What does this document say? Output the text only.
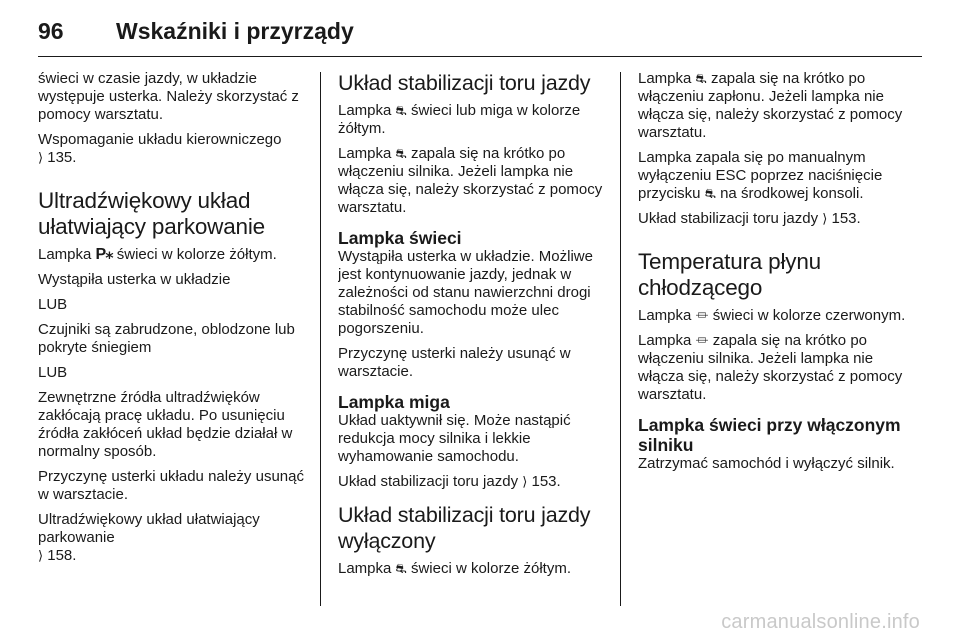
96 Wskaźniki i przyrządy

świeci w czasie jazdy, w układzie występuje usterka. Należy skorzystać z pomocy warsztatu.

Wspomaganie układu kierowniczego
⟩ 135.

Ultradźwiękowy układ ułatwiający parkowanie

Lampka P⁎ świeci w kolorze żółtym.

Wystąpiła usterka w układzie

LUB

Czujniki są zabrudzone, oblodzone lub pokryte śniegiem

LUB

Zewnętrzne źródła ultradźwięków zakłócają pracę układu. Po usunięciu źródła zakłóceń układ będzie działał w normalny sposób.

Przyczynę usterki układu należy usunąć w warsztacie.

Ultradźwiękowy układ ułatwiający parkowanie
⟩ 158.

Układ stabilizacji toru jazdy

Lampka ⛐ świeci lub miga w kolorze żółtym.

Lampka ⛐ zapala się na krótko po włączeniu silnika. Jeżeli lampka nie włącza się, należy skorzystać z pomocy warsztatu.

Lampka świeci

Wystąpiła usterka w układzie. Możliwe jest kontynuowanie jazdy, jednak w zależności od stanu nawierzchni drogi stabilność samochodu może ulec pogorszeniu.

Przyczynę usterki należy usunąć w warsztacie.

Lampka miga

Układ uaktywnił się. Może nastąpić redukcja mocy silnika i lekkie wyhamowanie samochodu.

Układ stabilizacji toru jazdy ⟩ 153.

Układ stabilizacji toru jazdy wyłączony

Lampka ⛐ świeci w kolorze żółtym.

Lampka ⛐ zapala się na krótko po włączeniu zapłonu. Jeżeli lampka nie włącza się, należy skorzystać z pomocy warsztatu.

Lampka zapala się po manualnym wyłączeniu ESC poprzez naciśnięcie przycisku ⛐ na środkowej konsoli.

Układ stabilizacji toru jazdy ⟩ 153.

Temperatura płynu chłodzącego

Lampka ⏛ świeci w kolorze czerwonym.

Lampka ⏛ zapala się na krótko po włączeniu silnika. Jeżeli lampka nie włącza się, należy skorzystać z pomocy warsztatu.

Lampka świeci przy włączonym silniku

Zatrzymać samochód i wyłączyć silnik.

carmanualsonline.info
